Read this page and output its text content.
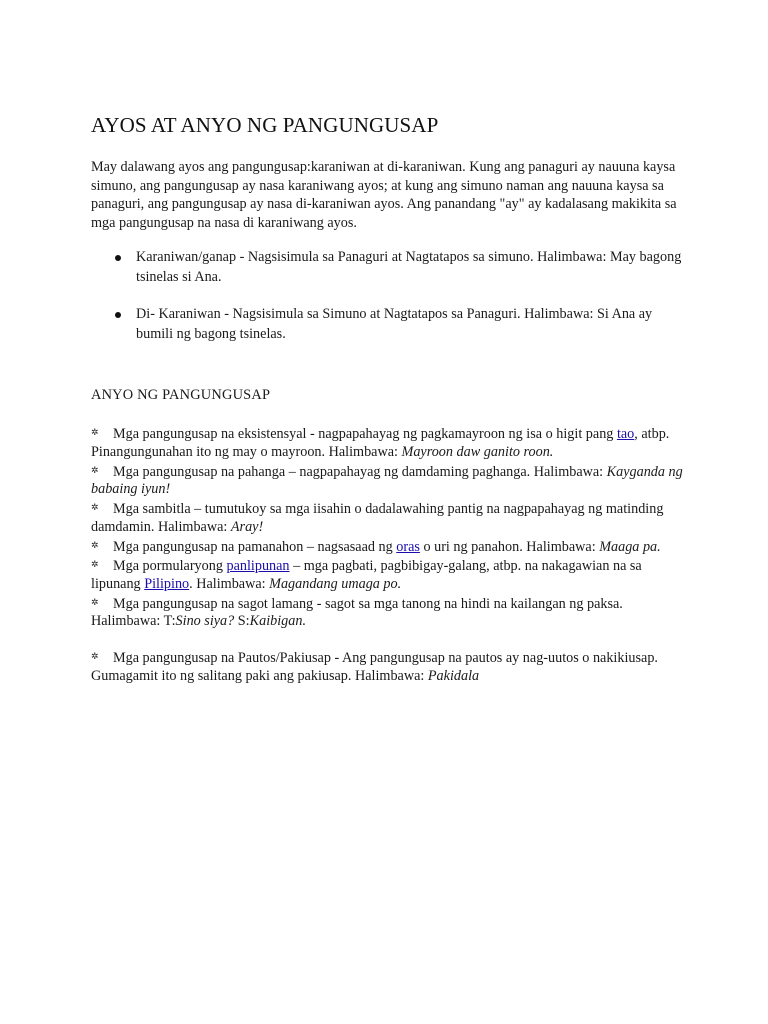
AYOS AT ANYO NG PANGUNGUSAP

May dalawang ayos ang pangungusap:karaniwan at di-karaniwan. Kung ang panaguri ay nauuna kaysa simuno, ang pangungusap ay nasa karaniwang ayos; at kung ang simuno naman ang nauuna kaysa sa panaguri, ang pangungusap ay nasa di-karaniwan ayos. Ang panandang "ay" ay kadalasang makikita sa mga pangungusap na nasa di karaniwang ayos.

Karaniwan/ganap - Nagsisimula sa Panaguri at Nagtatapos sa simuno. Halimbawa: May bagong tsinelas si Ana.
Di- Karaniwan - Nagsisimula sa Simuno at Nagtatapos sa Panaguri. Halimbawa: Si Ana ay bumili ng bagong tsinelas.
ANYO NG PANGUNGUSAP

✲ Mga pangungusap na eksistensyal - nagpapahayag ng pagkamayroon ng isa o higit pang tao, atbp. Pinangungunahan ito ng may o mayroon. Halimbawa: Mayroon daw ganito roon.

✲ Mga pangungusap na pahanga – nagpapahayag ng damdaming paghanga. Halimbawa: Kayganda ng babaing iyun!

✲ Mga sambitla – tumutukoy sa mga iisahin o dadalawahing pantig na nagpapahayag ng matinding damdamin. Halimbawa: Aray!

✲ Mga pangungusap na pamanahon – nagsasaad ng oras o uri ng panahon. Halimbawa: Maaga pa.

✲ Mga pormularyong panlipunan – mga pagbati, pagbibigay-galang, atbp. na nakagawian na sa lipunang Pilipino. Halimbawa: Magandang umaga po.

✲ Mga pangungusap na sagot lamang - sagot sa mga tanong na hindi na kailangan ng paksa. Halimbawa: T:Sino siya? S:Kaibigan.

✲ Mga pangungusap na Pautos/Pakiusap - Ang pangungusap na pautos ay nag-uutos o nakikiusap. Gumagamit ito ng salitang paki ang pakiusap. Halimbawa: Pakidala
